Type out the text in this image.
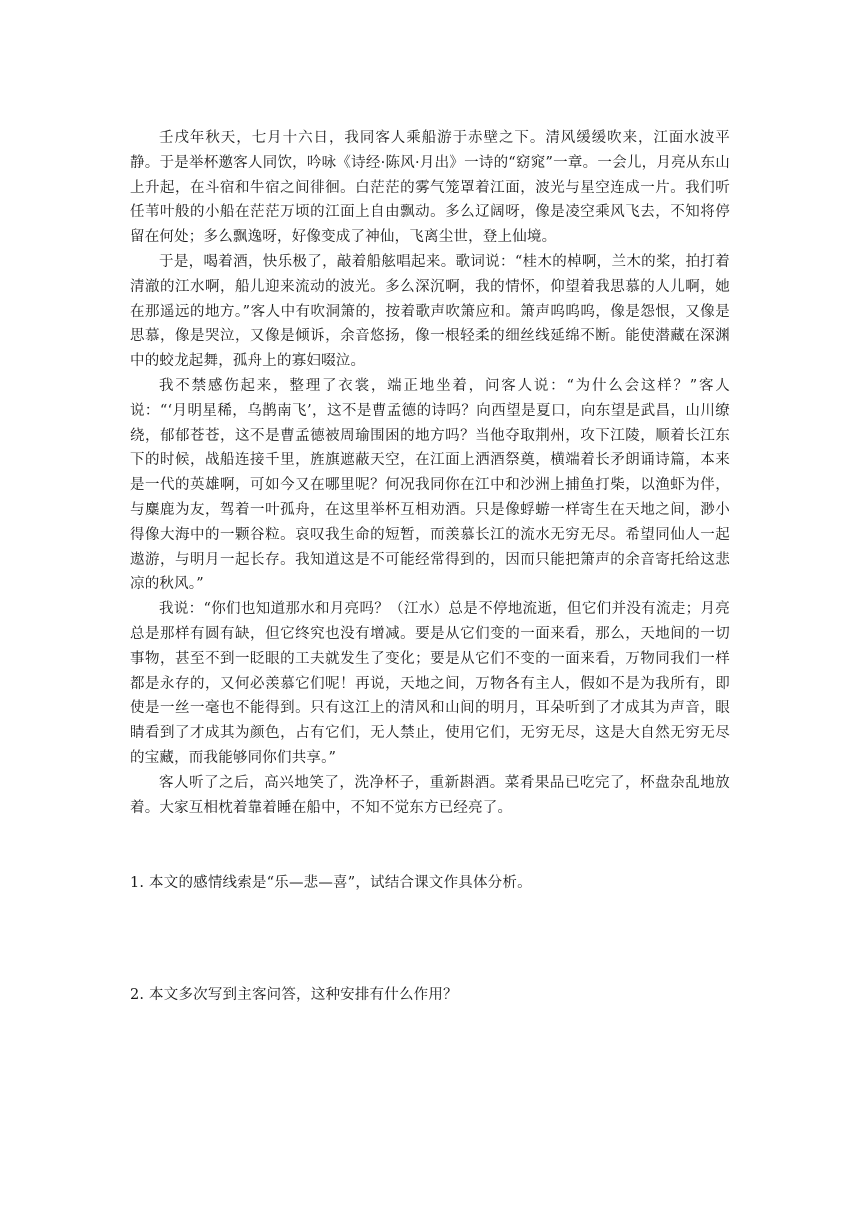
壬戌年秋天，七月十六日，我同客人乘船游于赤壁之下。清风缓缓吹来，江面水波平静。于是举杯邀客人同饮，吟咏《诗经·陈风·月出》一诗的“窈窕”一章。一会儿，月亮从东山上升起，在斗宿和牛宿之间徘徊。白茫茫的雾气笼罩着江面，波光与星空连成一片。我们听任苇叶般的小船在茫茫万顷的江面上自由飘动。多么辽阔呀，像是凌空乘风飞去，不知将停留在何处；多么飘逸呀，好像变成了神仙，飞离尘世，登上仙境。

于是，喝着酒，快乐极了，敲着船舷唱起来。歌词说：“桂木的棹啊，兰木的桨，拍打着清澈的江水啊，船儿迎来流动的波光。多么深沉啊，我的情怀，仰望着我思慕的人儿啊，她在那遥远的地方。”客人中有吹洞箫的，按着歌声吹箫应和。箫声呜呜呜，像是怨恨，又像是思慕，像是哭泣，又像是倾诉，余音悠扬，像一根轻柔的细丝线延绵不断。能使潜藏在深渊中的蛟龙起舞，孤舟上的寡妇啜泣。

我不禁感伤起来，整理了衣裳，端正地坐着，问客人说：“为什么会这样？”客人说：“‘月明星稀，乌鹊南飞’，这不是曹孟德的诗吗？向西望是夏口，向东望是武昌，山川缭绕，郁郁苍苍，这不是曹孟德被周瑜围困的地方吗？当他夺取荆州，攻下江陵，顺着长江东下的时候，战船连接千里，旌旗遮蔽天空，在江面上洒酒祭奠，横端着长矛朗诵诗篇，本来是一代的英雄啊，可如今又在哪里呢？何况我同你在江中和沙洲上捕鱼打柴，以渔虾为伴，与麋鹿为友，驾着一叶孤舟，在这里举杯互相劝酒。只是像蜉蝣一样寄生在天地之间，渺小得像大海中的一颗谷粒。哀叹我生命的短暂，而羡慕长江的流水无穷无尽。希望同仙人一起遨游，与明月一起长存。我知道这是不可能经常得到的，因而只能把箫声的余音寄托给这悲凉的秋风。”

我说：“你们也知道那水和月亮吗？（江水）总是不停地流逝，但它们并没有流走；月亮总是那样有圆有缺，但它终究也没有增减。要是从它们变的一面来看，那么，天地间的一切事物，甚至不到一眨眼的工夫就发生了变化；要是从它们不变的一面来看，万物同我们一样都是永存的，又何必羡慕它们呢！再说，天地之间，万物各有主人，假如不是为我所有，即使是一丝一毫也不能得到。只有这江上的清风和山间的明月，耳朵听到了才成其为声音，眼睛看到了才成其为颜色，占有它们，无人禁止，使用它们，无穷无尽，这是大自然无穷无尽的宝藏，而我能够同你们共享。”

客人听了之后，高兴地笑了，洗净杯子，重新斟酒。菜肴果品已吃完了，杯盘杂乱地放着。大家互相枕着靠着睡在船中，不知不觉东方已经亮了。

1. 本文的感情线索是“乐—悲—喜”，试结合课文作具体分析。

2. 本文多次写到主客问答，这种安排有什么作用？
